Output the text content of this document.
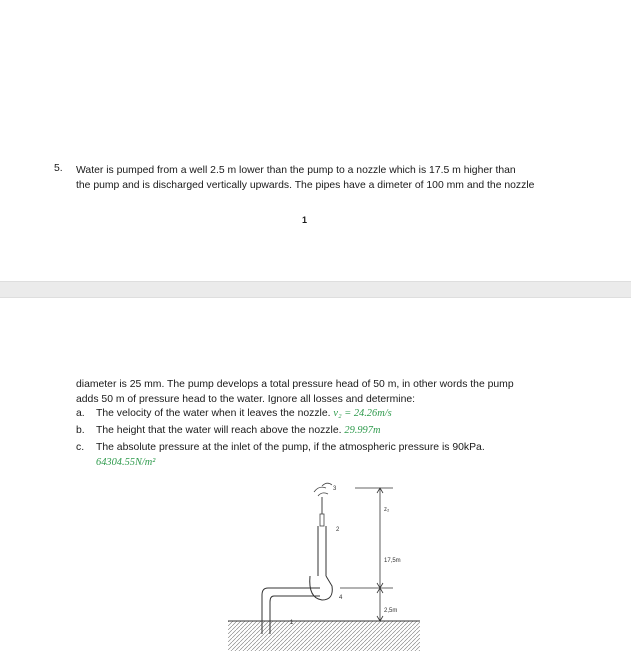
5. Water is pumped from a well 2.5 m lower than the pump to a nozzle which is 17.5 m higher than
the pump and is discharged vertically upwards. The pipes have a dimeter of 100 mm and the nozzle
1
diameter is 25 mm. The pump develops a total pressure head of 50 m, in other words the pump
adds 50 m of pressure head to the water. Ignore all losses and determine:
a. The velocity of the water when it leaves the nozzle. v₂ = 24.26m/s
b. The height that the water will reach above the nozzle. 29.997m
c. The absolute pressure at the inlet of the pump, if the atmospheric pressure is 90kPa.
64304.55N/m²
3
2
4
1
z₂
17,5m
2,5m
